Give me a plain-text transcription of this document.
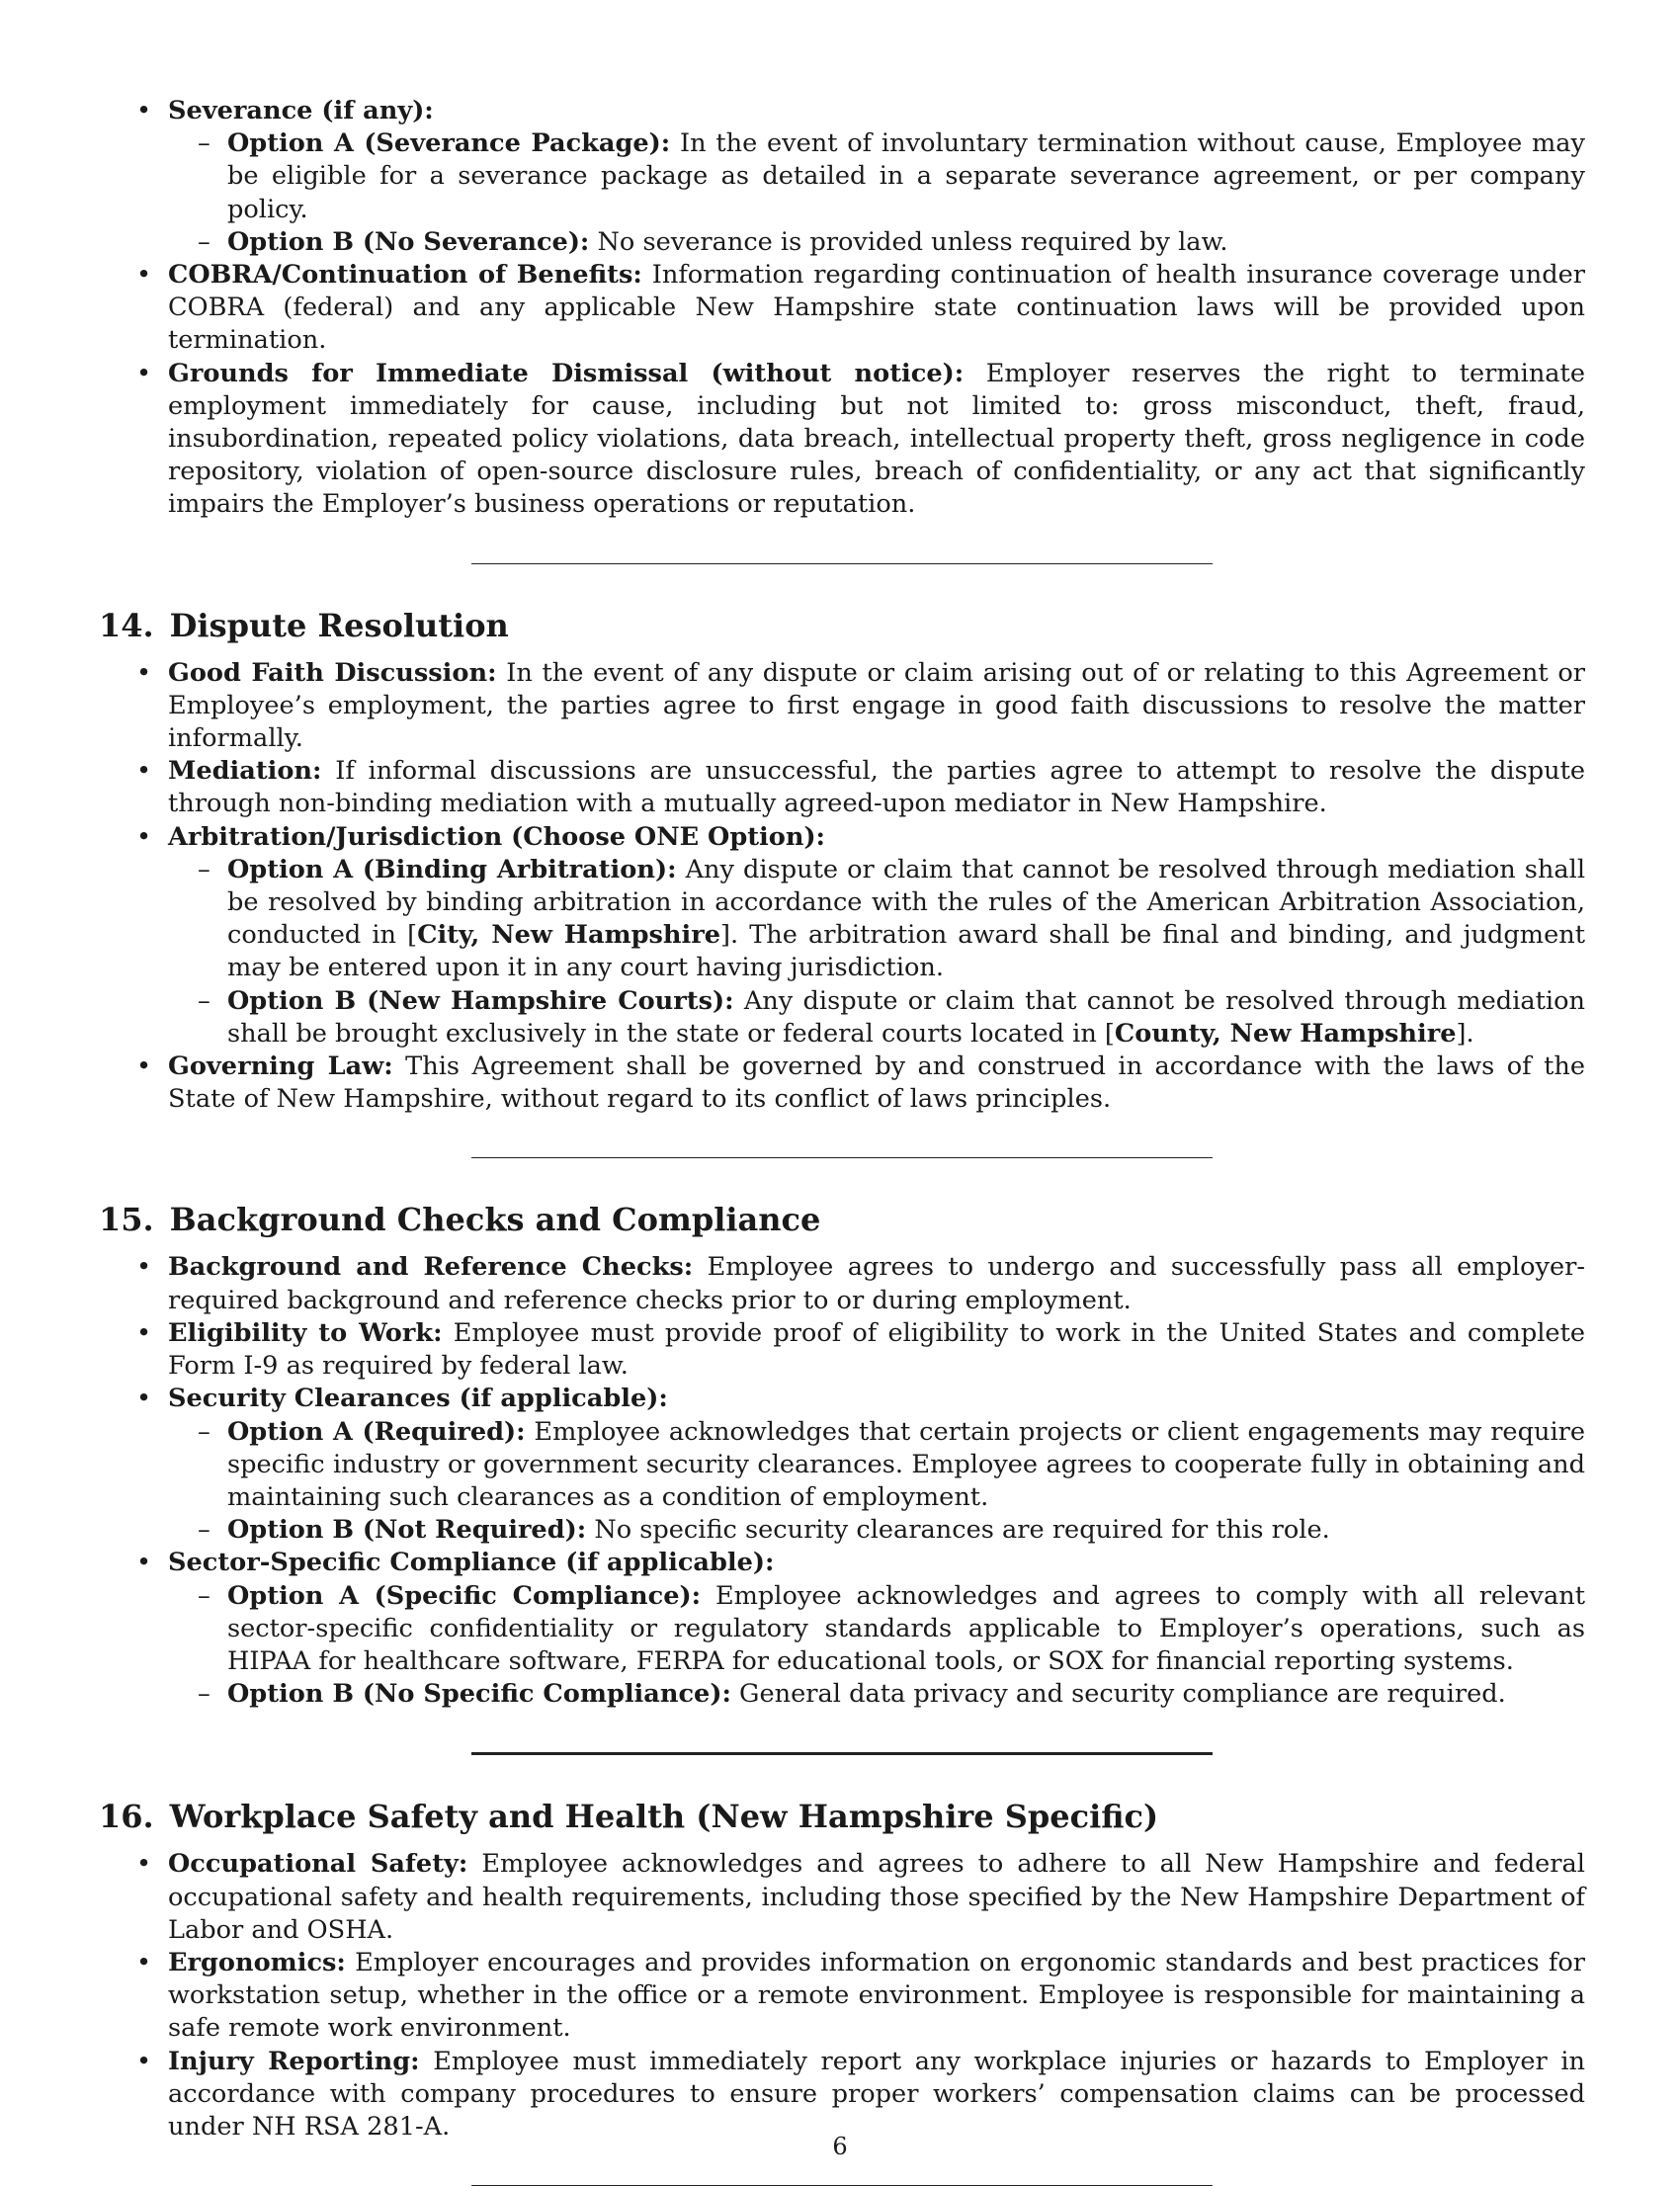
• Severance (if any):
– Option A (Severance Package): In the event of involuntary termination without cause, Employee may be eligible for a severance package as detailed in a separate severance agreement, or per company policy.
– Option B (No Severance): No severance is provided unless required by law.
• COBRA/Continuation of Benefits: Information regarding continuation of health insurance coverage under COBRA (federal) and any applicable New Hampshire state continuation laws will be provided upon termination.
• Grounds for Immediate Dismissal (without notice): Employer reserves the right to terminate employment immediately for cause, including but not limited to: gross misconduct, theft, fraud, insubordination, repeated policy violations, data breach, intellectual property theft, gross negligence in code repository, violation of open-source disclosure rules, breach of confidentiality, or any act that significantly impairs the Employer’s business operations or reputation.
14. Dispute Resolution
• Good Faith Discussion: In the event of any dispute or claim arising out of or relating to this Agreement or Employee’s employment, the parties agree to first engage in good faith discussions to resolve the matter informally.
• Mediation: If informal discussions are unsuccessful, the parties agree to attempt to resolve the dispute through non-binding mediation with a mutually agreed-upon mediator in New Hampshire.
• Arbitration/Jurisdiction (Choose ONE Option):
– Option A (Binding Arbitration): Any dispute or claim that cannot be resolved through mediation shall be resolved by binding arbitration in accordance with the rules of the American Arbitration Association, conducted in [City, New Hampshire]. The arbitration award shall be final and binding, and judgment may be entered upon it in any court having jurisdiction.
– Option B (New Hampshire Courts): Any dispute or claim that cannot be resolved through mediation shall be brought exclusively in the state or federal courts located in [County, New Hampshire].
• Governing Law: This Agreement shall be governed by and construed in accordance with the laws of the State of New Hampshire, without regard to its conflict of laws principles.
15. Background Checks and Compliance
• Background and Reference Checks: Employee agrees to undergo and successfully pass all employer-required background and reference checks prior to or during employment.
• Eligibility to Work: Employee must provide proof of eligibility to work in the United States and complete Form I-9 as required by federal law.
• Security Clearances (if applicable):
– Option A (Required): Employee acknowledges that certain projects or client engagements may require specific industry or government security clearances. Employee agrees to cooperate fully in obtaining and maintaining such clearances as a condition of employment.
– Option B (Not Required): No specific security clearances are required for this role.
• Sector-Specific Compliance (if applicable):
– Option A (Specific Compliance): Employee acknowledges and agrees to comply with all relevant sector-specific confidentiality or regulatory standards applicable to Employer’s operations, such as HIPAA for healthcare software, FERPA for educational tools, or SOX for financial reporting systems.
– Option B (No Specific Compliance): General data privacy and security compliance are required.
16. Workplace Safety and Health (New Hampshire Specific)
• Occupational Safety: Employee acknowledges and agrees to adhere to all New Hampshire and federal occupational safety and health requirements, including those specified by the New Hampshire Department of Labor and OSHA.
• Ergonomics: Employer encourages and provides information on ergonomic standards and best practices for workstation setup, whether in the office or a remote environment. Employee is responsible for maintaining a safe remote work environment.
• Injury Reporting: Employee must immediately report any workplace injuries or hazards to Employer in accordance with company procedures to ensure proper workers’ compensation claims can be processed under NH RSA 281-A.
6
